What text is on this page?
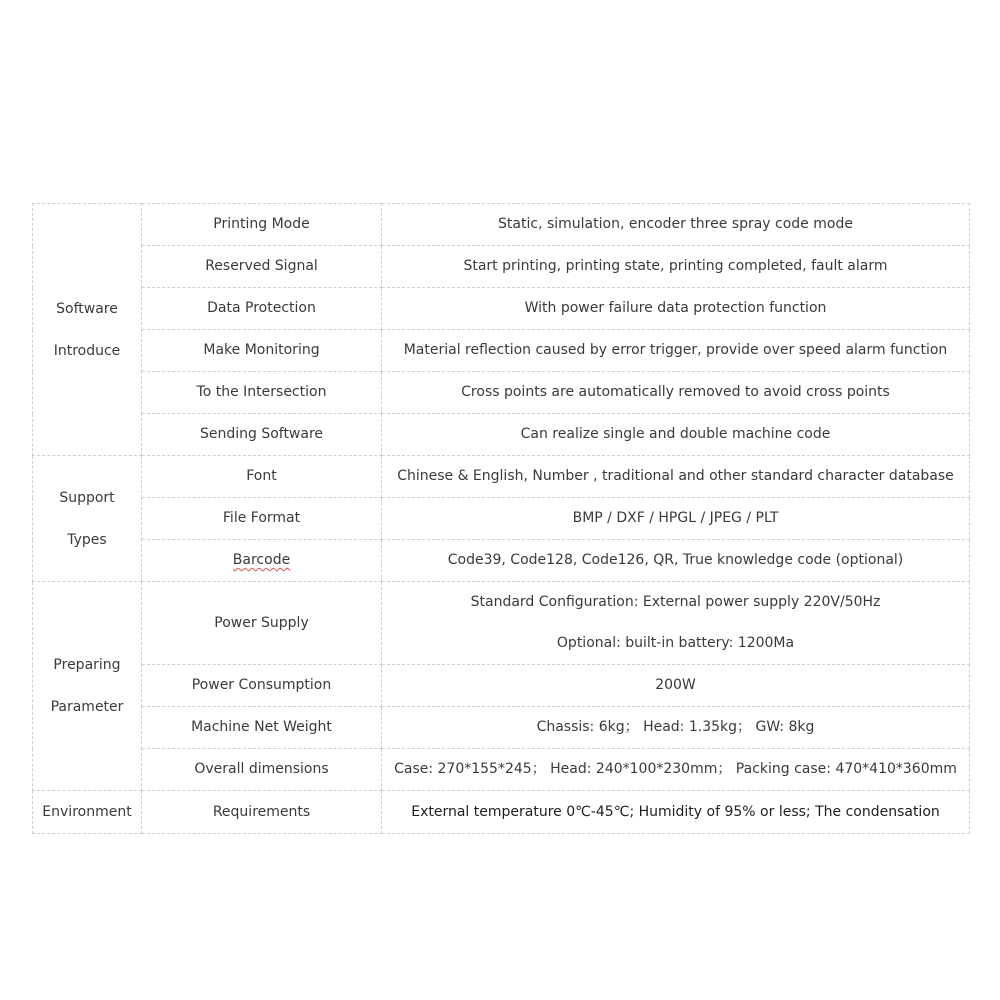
Software
Introduce	Printing Mode	Static, simulation, encoder three spray code mode
	Reserved Signal	Start printing, printing state, printing completed, fault alarm
	Data Protection	With power failure data protection function
	Make Monitoring	Material reflection caused by error trigger, provide over speed alarm function
	To the Intersection	Cross points are automatically removed to avoid cross points
	Sending Software	Can realize single and double machine code

Support
Types	Font	Chinese & English, Number , traditional and other standard character database
	File Format	BMP / DXF / HPGL / JPEG / PLT
	Barcode	Code39, Code128, Code126, QR, True knowledge code (optional)

Preparing
Parameter	Power Supply	Standard Configuration: External power supply 220V/50Hz
Optional: built-in battery: 1200Ma

	Power Consumption	200W
	Machine Net Weight	Chassis: 6kg； Head: 1.35kg； GW: 8kg
	Overall dimensions	Case: 270*155*245； Head: 240*100*230mm； Packing case: 470*410*360mm

Environment	Requirements	External temperature 0℃-45℃; Humidity of 95% or less; The condensation
